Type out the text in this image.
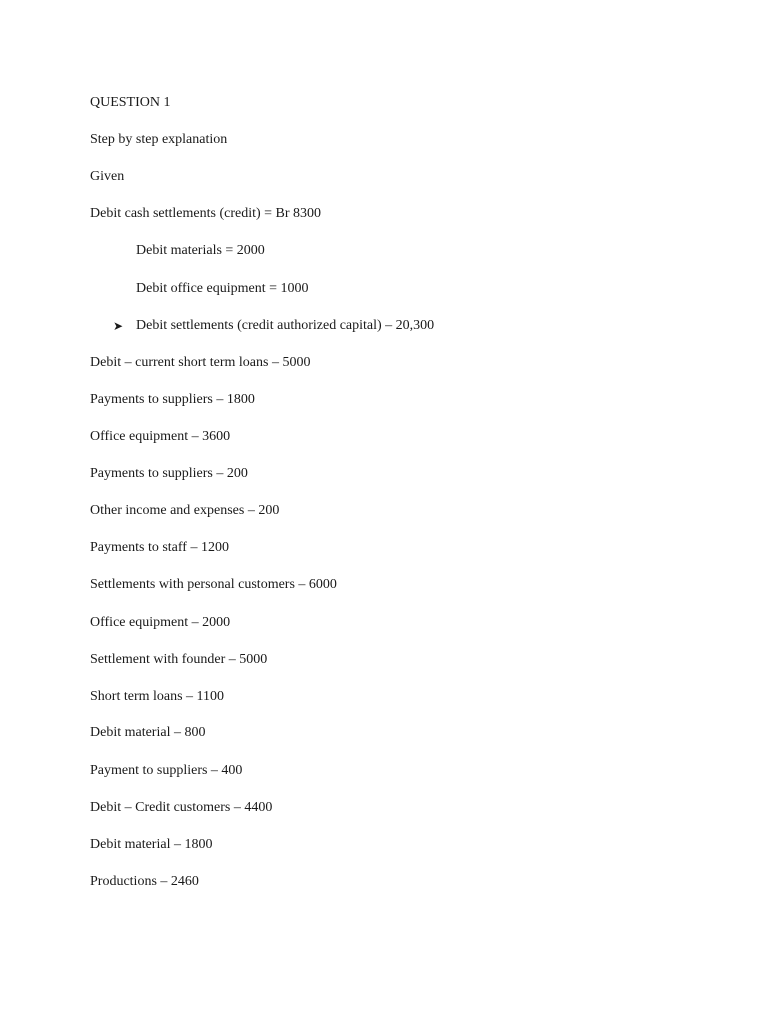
QUESTION 1
Step by step explanation
Given
Debit cash settlements (credit) = Br 8300
Debit materials = 2000
Debit office equipment = 1000
➤ Debit settlements (credit authorized capital) – 20,300
Debit – current short term loans – 5000
Payments to suppliers – 1800
Office equipment – 3600
Payments to suppliers – 200
Other income and expenses – 200
Payments to staff – 1200
Settlements with personal customers – 6000
Office equipment – 2000
Settlement with founder – 5000
Short term loans – 1100
Debit material – 800
Payment to suppliers – 400
Debit – Credit customers – 4400
Debit material – 1800
Productions – 2460
